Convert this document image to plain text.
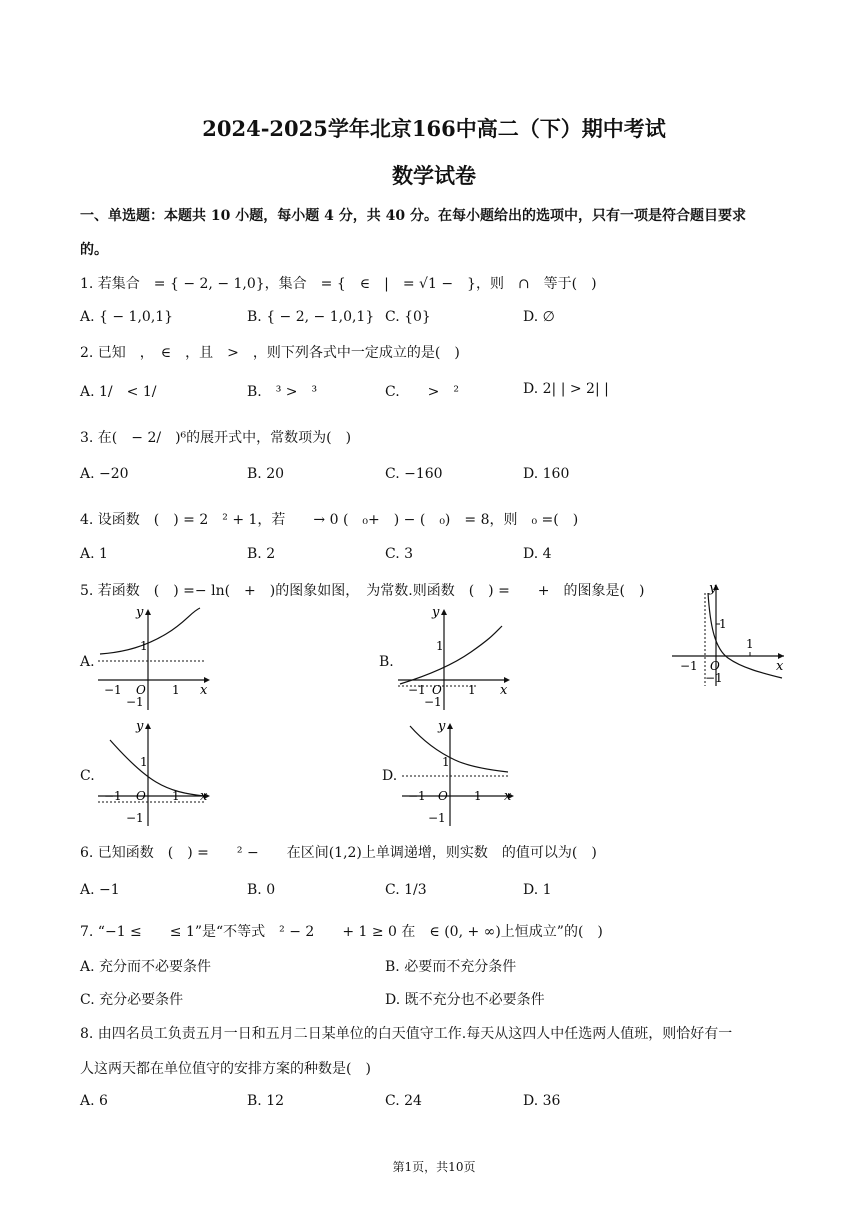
2024-2025学年北京166中高二（下）期中考试
数学试卷
一、单选题：本题共 10 小题，每小题 4 分，共 40 分。在每小题给出的选项中，只有一项是符合题目要求
的。
1. 若集合　= { − 2, − 1,0}，集合　= {　∈　|　= √1 −　}，则　∩　等于(　)
A. { − 1,0,1}	B. { − 2, − 1,0,1} C. {0}	D. ∅
2. 已知　，　∈　，且　>　，则下列各式中一定成立的是(　)
A. 1/　< 1/	B.　³ >　³	C.　　>　²	D. 2| | > 2| |
3. 在(　− 2/　)⁶的展开式中，常数项为(　)
A. −20	B. 20	C. −160	D. 160
4. 设函数　(　) = 2　² + 1，若　　→ 0 (　₀+　) − (　₀)　= 8，则　₀ =(　)
A. 1	B. 2	C. 3	D. 4
5. 若函数　(　) =− ln(　+　)的图象如图，　为常数.则函数　(　) =　　+　的图象是(　)
A.	B.
C.	D.
y
x
O
1
1
−1
−1
y
x
O 1
1
−1
−1
y
x
O 1
1
−1
−1
y
x
O 1
1
−1
−1
y
x
O 1
1
−1
−1
6. 已知函数　(　) =　　² −　　在区间(1,2)上单调递增，则实数　的值可以为(　)
A. −1	B. 0	C. 1/3	D. 1
7. “−1 ≤　　≤ 1”是“不等式　² − 2　　+ 1 ≥ 0 在　∈ (0, + ∞)上恒成立”的(　)
A. 充分而不必要条件	B. 必要而不充分条件
C. 充分必要条件	D. 既不充分也不必要条件
8. 由四名员工负责五月一日和五月二日某单位的白天值守工作.每天从这四人中任选两人值班，则恰好有一
人这两天都在单位值守的安排方案的种数是(　)
A. 6	B. 12	C. 24	D. 36
第1页，共10页
